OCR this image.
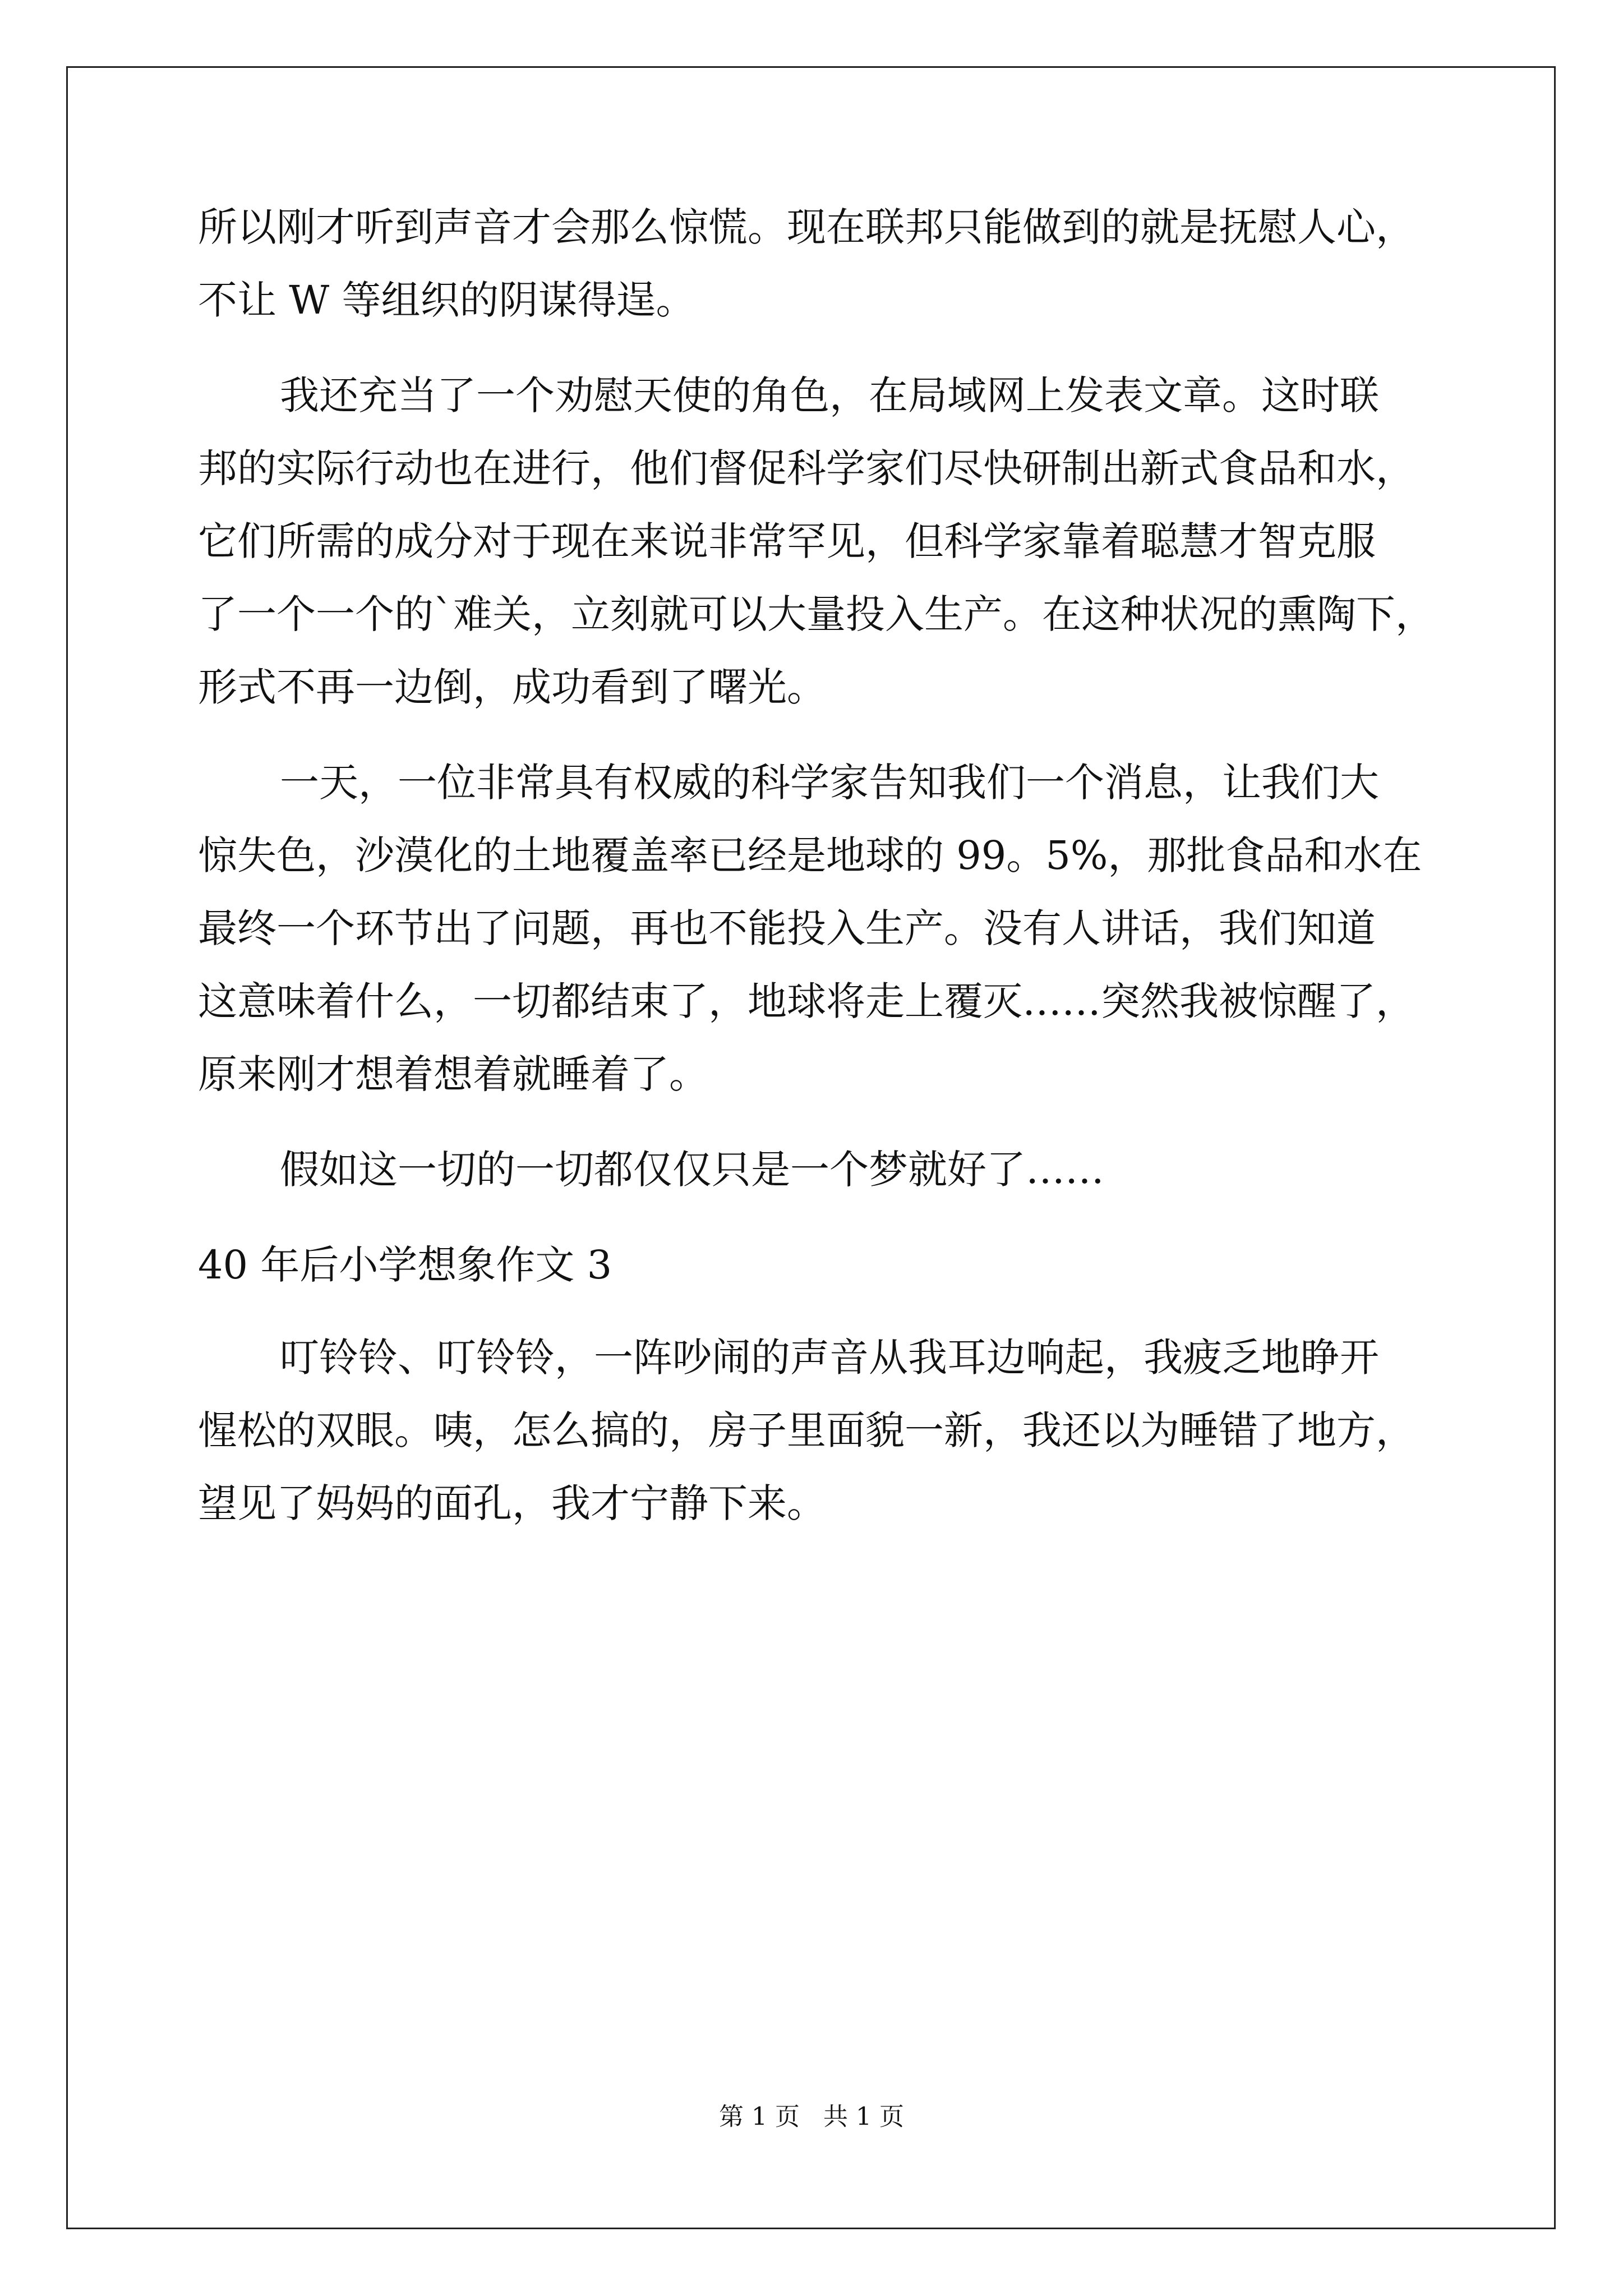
所以刚才听到声音才会那么惊慌。现在联邦只能做到的就是抚慰人心，

不让 W 等组织的阴谋得逞。

我还充当了一个劝慰天使的角色，在局域网上发表文章。这时联

邦的实际行动也在进行，他们督促科学家们尽快研制出新式食品和水，

它们所需的成分对于现在来说非常罕见，但科学家靠着聪慧才智克服

了一个一个的`难关，立刻就可以大量投入生产。在这种状况的熏陶下，

形式不再一边倒，成功看到了曙光。

一天，一位非常具有权威的科学家告知我们一个消息，让我们大

惊失色，沙漠化的土地覆盖率已经是地球的 99。5%，那批食品和水在

最终一个环节出了问题，再也不能投入生产。没有人讲话，我们知道

这意味着什么，一切都结束了，地球将走上覆灭……突然我被惊醒了，

原来刚才想着想着就睡着了。

假如这一切的一切都仅仅只是一个梦就好了……

40 年后小学想象作文 3

叮铃铃、叮铃铃，一阵吵闹的声音从我耳边响起，我疲乏地睁开

惺松的双眼。咦，怎么搞的，房子里面貌一新，我还以为睡错了地方，

望见了妈妈的面孔，我才宁静下来。

第 1 页   共 1 页
